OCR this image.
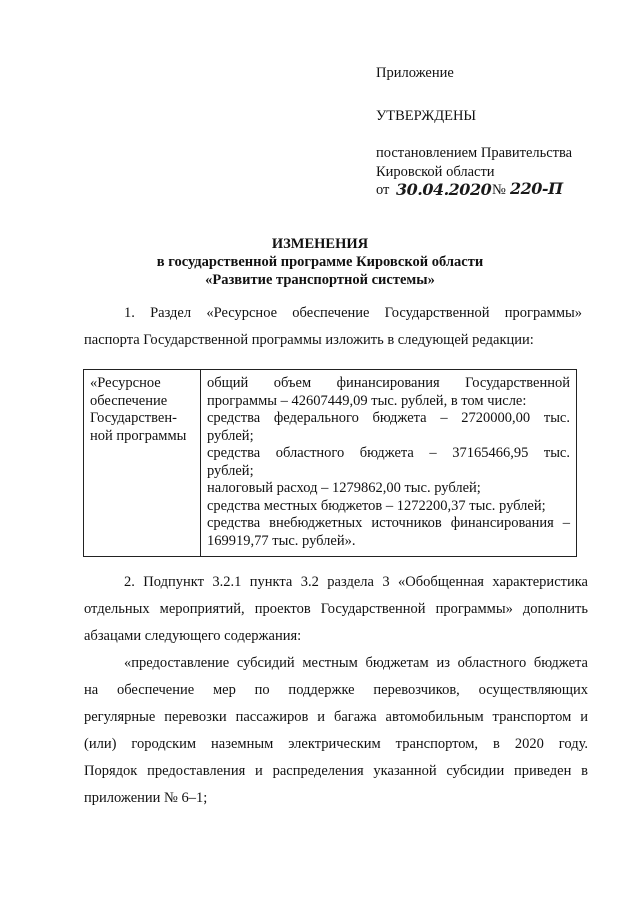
Приложение
УТВЕРЖДЕНЫ
постановлением Правительства
Кировской области
от 30.04.2020 № 220-П
ИЗМЕНЕНИЯ
в государственной программе Кировской области
«Развитие транспортной системы»
1. Раздел «Ресурсное обеспечение Государственной программы»
паспорта Государственной программы изложить в следующей редакции:
«Ресурсное
обеспечение
Государствен-
ной программы

общий объем финансирования Государственной
программы – 42607449,09 тыс. рублей, в том числе:
средства федерального бюджета – 2720000,00 тыс.
рублей;
средства областного бюджета – 37165466,95 тыс.
рублей;
налоговый расход – 1279862,00 тыс. рублей;
средства местных бюджетов – 1272200,37 тыс. рублей;
средства внебюджетных источников финансирования –
169919,77 тыс. рублей».
2. Подпункт 3.2.1 пункта 3.2 раздела 3 «Обобщенная характеристика
отдельных мероприятий, проектов Государственной программы» дополнить
абзацами следующего содержания:
«предоставление субсидий местным бюджетам из областного бюджета
на обеспечение мер по поддержке перевозчиков, осуществляющих
регулярные перевозки пассажиров и багажа автомобильным транспортом и
(или) городским наземным электрическим транспортом, в 2020 году.
Порядок предоставления и распределения указанной субсидии приведен в
приложении № 6–1;
